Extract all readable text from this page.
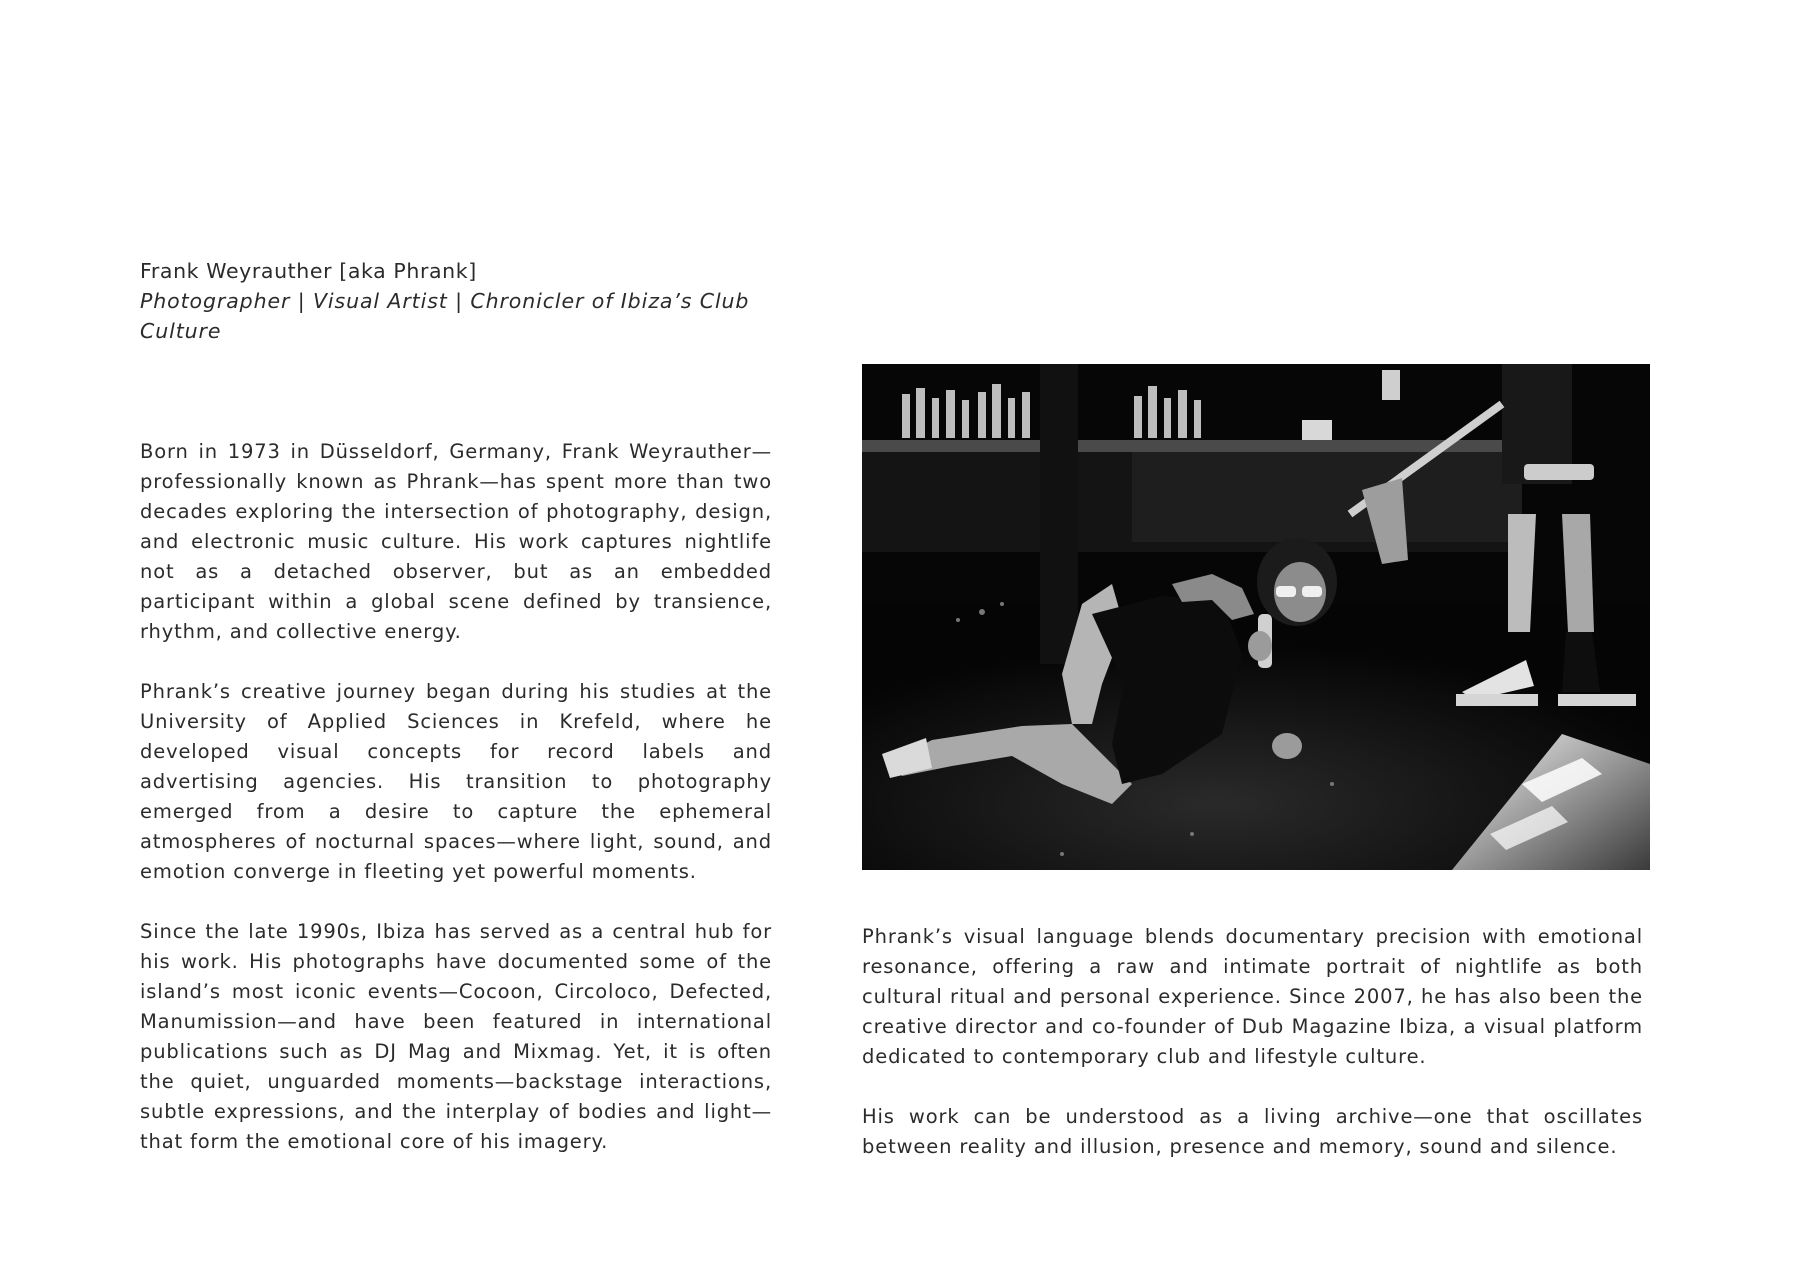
Frank Weyrauther [aka Phrank]

Photographer | Visual Artist | Chronicler of Ibiza’s Club Culture

Born in 1973 in Düsseldorf, Germany, Frank Weyrauther—professionally known as Phrank—has spent more than two decades exploring the intersection of photography, design, and electronic music culture. His work captures nightlife not as a detached observer, but as an embedded participant within a global scene defined by transience, rhythm, and collective energy.

Phrank’s creative journey began during his studies at the University of Applied Sciences in Krefeld, where he developed visual concepts for record labels and advertising agencies. His transition to photography emerged from a desire to capture the ephemeral atmospheres of nocturnal spaces—where light, sound, and emotion converge in fleeting yet powerful moments.

Since the late 1990s, Ibiza has served as a central hub for his work. His photographs have documented some of the island’s most iconic events—Cocoon, Circoloco, Defected, Manumission—and have been featured in international publications such as DJ Mag and Mixmag. Yet, it is often the quiet, unguarded moments—backstage interactions, subtle expressions, and the interplay of bodies and light—that form the emotional core of his imagery.

Phrank’s visual language blends documentary precision with emotional resonance, offering a raw and intimate portrait of nightlife as both cultural ritual and personal experience. Since 2007, he has also been the creative director and co-founder of Dub Magazine Ibiza, a visual platform dedicated to contemporary club and lifestyle culture.

His work can be understood as a living archive—one that oscillates between reality and illusion, presence and memory, sound and silence.
